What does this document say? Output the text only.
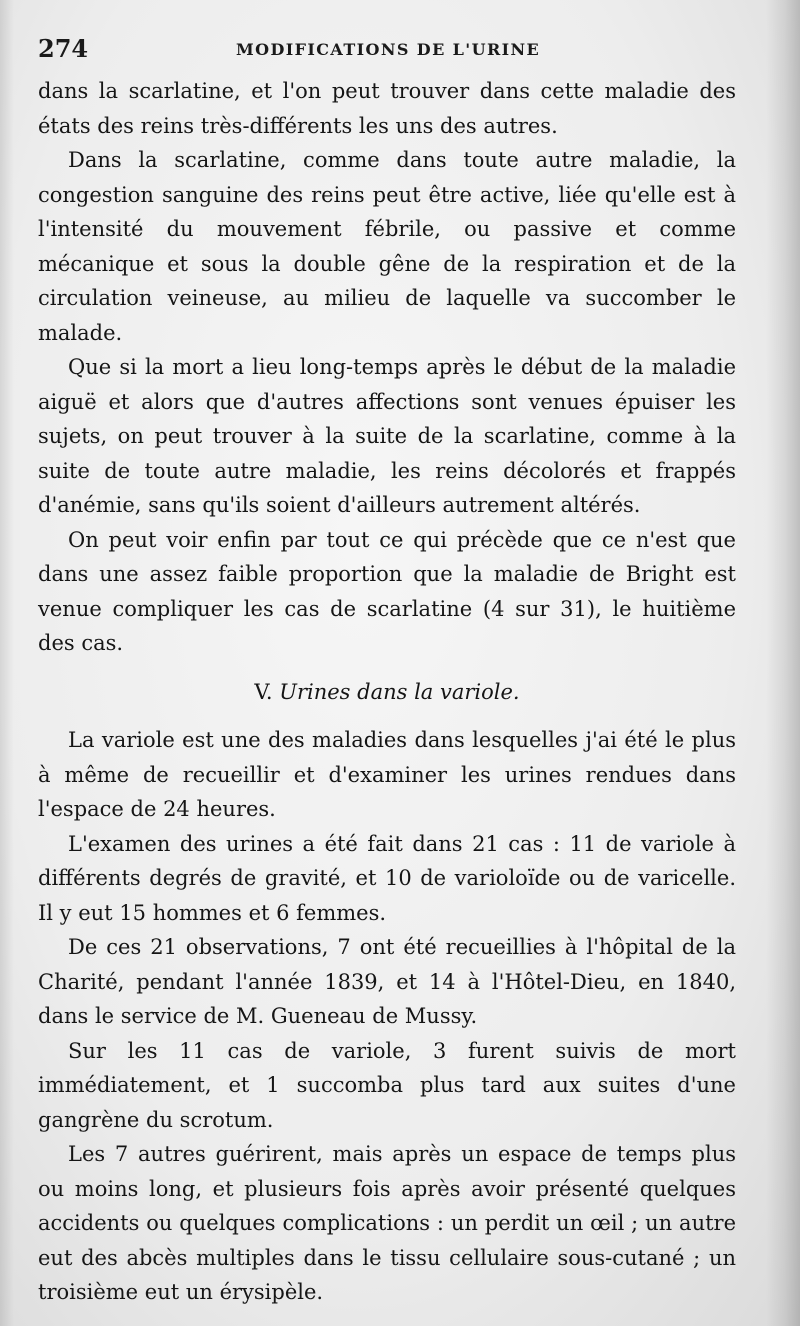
274	MODIFICATIONS DE L'URINE

dans la scarlatine, et l'on peut trouver dans cette maladie des états des reins très-différents les uns des autres.

Dans la scarlatine, comme dans toute autre maladie, la congestion sanguine des reins peut être active, liée qu'elle est à l'intensité du mouvement fébrile, ou passive et comme mécanique et sous la double gêne de la respiration et de la circulation veineuse, au milieu de laquelle va succomber le malade.

Que si la mort a lieu long-temps après le début de la maladie aiguë et alors que d'autres affections sont venues épuiser les sujets, on peut trouver à la suite de la scarlatine, comme à la suite de toute autre maladie, les reins décolorés et frappés d'anémie, sans qu'ils soient d'ailleurs autrement altérés.

On peut voir enfin par tout ce qui précède que ce n'est que dans une assez faible proportion que la maladie de Bright est venue compliquer les cas de scarlatine (4 sur 31), le huitième des cas.

V. Urines dans la variole.

La variole est une des maladies dans lesquelles j'ai été le plus à même de recueillir et d'examiner les urines rendues dans l'espace de 24 heures.

L'examen des urines a été fait dans 21 cas : 11 de variole à différents degrés de gravité, et 10 de varioloïde ou de varicelle. Il y eut 15 hommes et 6 femmes.

De ces 21 observations, 7 ont été recueillies à l'hôpital de la Charité, pendant l'année 1839, et 14 à l'Hôtel-Dieu, en 1840, dans le service de M. Gueneau de Mussy.

Sur les 11 cas de variole, 3 furent suivis de mort immédiatement, et 1 succomba plus tard aux suites d'une gangrène du scrotum.

Les 7 autres guérirent, mais après un espace de temps plus ou moins long, et plusieurs fois après avoir présenté quelques accidents ou quelques complications : un perdit un œil ; un autre eut des abcès multiples dans le tissu cellulaire sous-cutané ; un troisième eut un érysipèle.
